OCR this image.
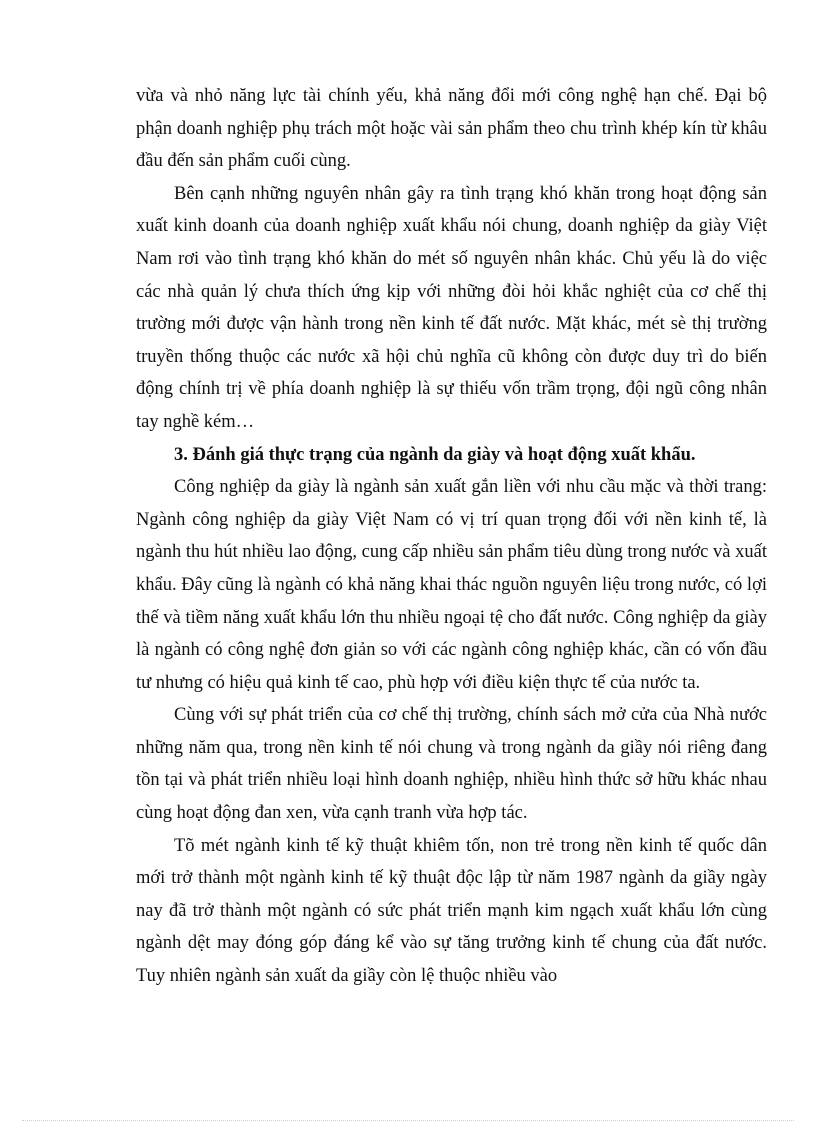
vừa và nhỏ năng lực tài chính yếu, khả năng đổi mới công nghệ hạn chế. Đại bộ phận doanh nghiệp phụ trách một hoặc vài sản phẩm theo chu trình khép kín từ khâu đầu đến sản phẩm cuối cùng.

Bên cạnh những nguyên nhân gây ra tình trạng khó khăn trong hoạt động sản xuất kinh doanh của doanh nghiệp xuất khẩu nói chung, doanh nghiệp da giày Việt Nam rơi vào tình trạng khó khăn do mét số nguyên nhân khác. Chủ yếu là do việc các nhà quản lý chưa thích ứng kịp với những đòi hỏi khắc nghiệt của cơ chế thị trường mới được vận hành trong nền kinh tế đất nước. Mặt khác, mét sè thị trường truyền thống thuộc các nước xã hội chủ nghĩa cũ không còn được duy trì do biến động chính trị về phía doanh nghiệp là sự thiếu vốn trầm trọng, đội ngũ công nhân tay nghề kém…

3. Đánh giá thực trạng của ngành da giày và hoạt động xuất khẩu.

Công nghiệp da giày là ngành sản xuất gắn liền với nhu cầu mặc và thời trang: Ngành công nghiệp da giày Việt Nam có vị trí quan trọng đối với nền kinh tế, là ngành thu hút nhiều lao động, cung cấp nhiều sản phẩm tiêu dùng trong nước và xuất khẩu. Đây cũng là ngành có khả năng khai thác nguồn nguyên liệu trong nước, có lợi thế và tiềm năng xuất khẩu lớn thu nhiều ngoại tệ cho đất nước. Công nghiệp da giày là ngành có công nghệ đơn giản so với các ngành công nghiệp khác, cần có vốn đầu tư nhưng có hiệu quả kinh tế cao, phù hợp với điều kiện thực tế của nước ta.

Cùng với sự phát triển của cơ chế thị trường, chính sách mở cửa của Nhà nước những năm qua, trong nền kinh tế nói chung và trong ngành da giầy nói riêng đang tồn tại và phát triển nhiều loại hình doanh nghiệp, nhiều hình thức sở hữu khác nhau cùng hoạt động đan xen, vừa cạnh tranh vừa hợp tác.

Tõ mét ngành kinh tế kỹ thuật khiêm tốn, non trẻ trong nền kinh tế quốc dân mới trở thành một ngành kinh tế kỹ thuật độc lập từ năm 1987 ngành da giầy ngày nay đã trở thành một ngành có sức phát triển mạnh kim ngạch xuất khẩu lớn cùng ngành dệt may đóng góp đáng kể vào sự tăng trưởng kinh tế chung của đất nước. Tuy nhiên ngành sản xuất da giầy còn lệ thuộc nhiều vào
